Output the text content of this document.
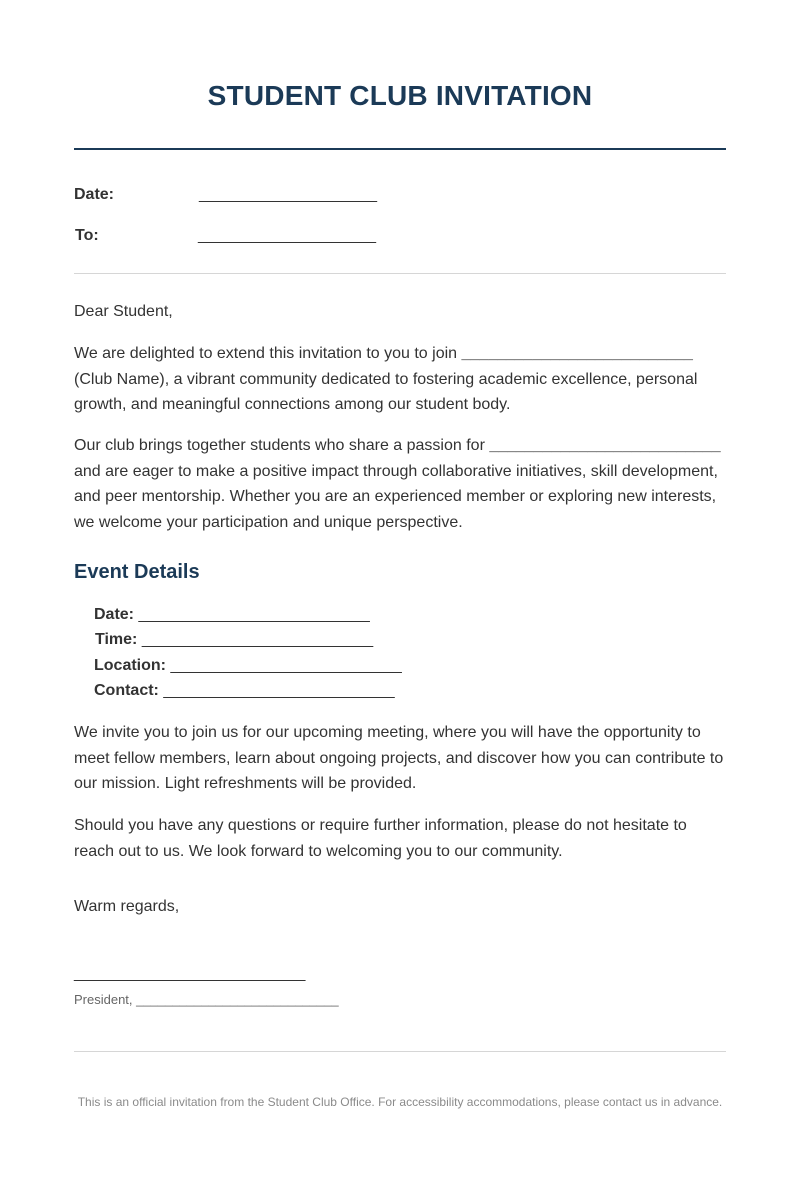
STUDENT CLUB INVITATION
Date:	____________________
To:	____________________

Dear Student,

We are delighted to extend this invitation to you to join __________________________ (Club Name), a vibrant community dedicated to fostering academic excellence, personal growth, and meaningful connections among our student body.

Our club brings together students who share a passion for __________________________ and are eager to make a positive impact through collaborative initiatives, skill development, and peer mentorship. Whether you are an experienced member or exploring new interests, we welcome your participation and unique perspective.

Event Details
Date: __________________________
Time: __________________________
Location: __________________________
Contact: __________________________

We invite you to join us for our upcoming meeting, where you will have the opportunity to meet fellow members, learn about ongoing projects, and discover how you can contribute to our mission. Light refreshments will be provided.

Should you have any questions or require further information, please do not hesitate to reach out to us. We look forward to welcoming you to our community.

Warm regards,

__________________________
President, ____________________________
This is an official invitation from the Student Club Office. For accessibility accommodations, please contact us in advance.
